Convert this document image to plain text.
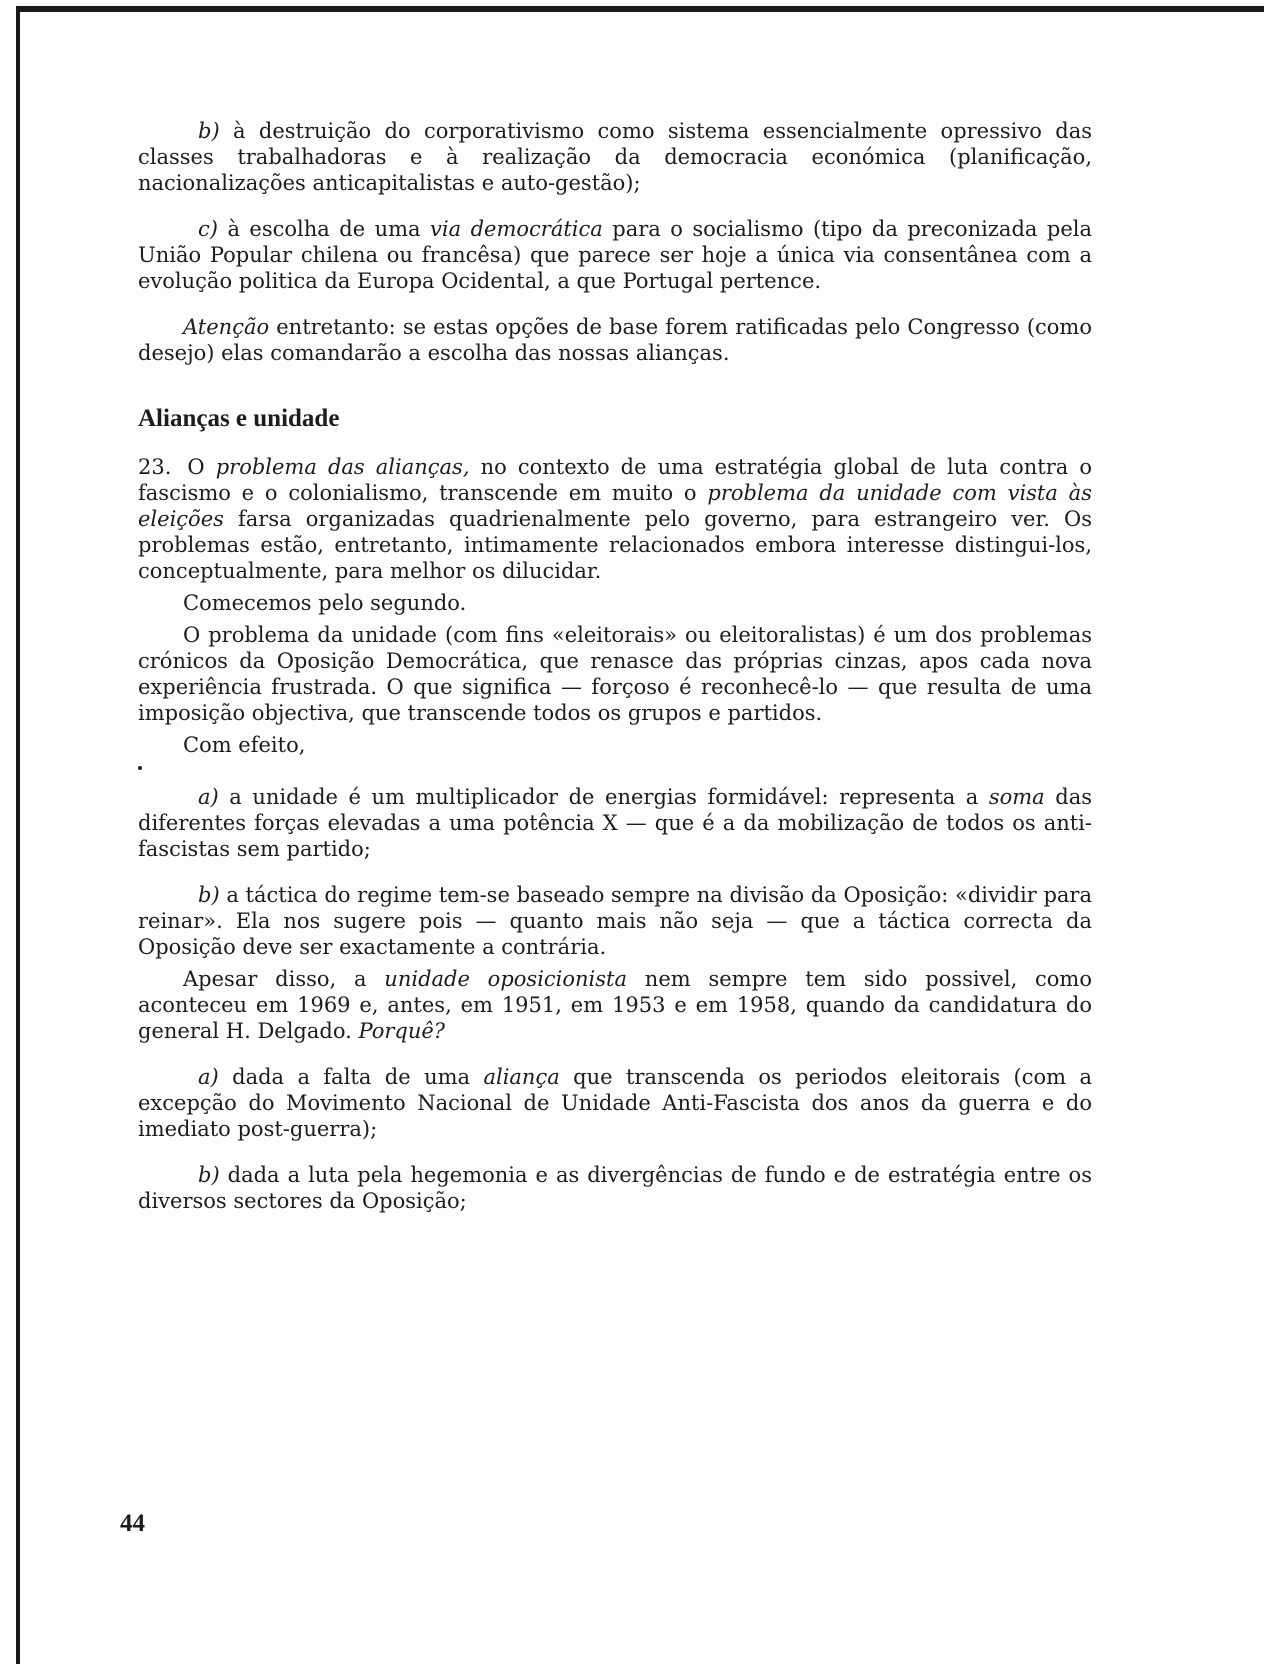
b) à destruição do corporativismo como sistema essencialmente opressivo das classes trabalhadoras e à realização da democracia económica (planificação, nacionalizações anticapitalistas e auto-gestão);

c) à escolha de uma via democrática para o socialismo (tipo da preconizada pela União Popular chilena ou francêsa) que parece ser hoje a única via consentânea com a evolução politica da Europa Ocidental, a que Portugal pertence.

Atenção entretanto: se estas opções de base forem ratificadas pelo Congresso (como desejo) elas comandarão a escolha das nossas alianças.

Alianças e unidade

23. O problema das alianças, no contexto de uma estratégia global de luta contra o fascismo e o colonialismo, transcende em muito o problema da unidade com vista às eleições farsa organizadas quadrienalmente pelo governo, para estrangeiro ver. Os problemas estão, entretanto, intimamente relacionados embora interesse distingui-los, conceptualmente, para melhor os dilucidar.

Comecemos pelo segundo.

O problema da unidade (com fins «eleitorais» ou eleitoralistas) é um dos problemas crónicos da Oposição Democrática, que renasce das próprias cinzas, apos cada nova experiência frustrada. O que significa — forçoso é reconhecê-lo — que resulta de uma imposição objectiva, que transcende todos os grupos e partidos.

Com efeito,

a) a unidade é um multiplicador de energias formidável: representa a soma das diferentes forças elevadas a uma potência X — que é a da mobilização de todos os anti-fascistas sem partido;

b) a táctica do regime tem-se baseado sempre na divisão da Oposição: «dividir para reinar». Ela nos sugere pois — quanto mais não seja — que a táctica correcta da Oposição deve ser exactamente a contrária.

Apesar disso, a unidade oposicionista nem sempre tem sido possivel, como aconteceu em 1969 e, antes, em 1951, em 1953 e em 1958, quando da candidatura do general H. Delgado. Porquê?

a) dada a falta de uma aliança que transcenda os periodos eleitorais (com a excepção do Movimento Nacional de Unidade Anti-Fascista dos anos da guerra e do imediato post-guerra);

b) dada a luta pela hegemonia e as divergências de fundo e de estratégia entre os diversos sectores da Oposição;

44
